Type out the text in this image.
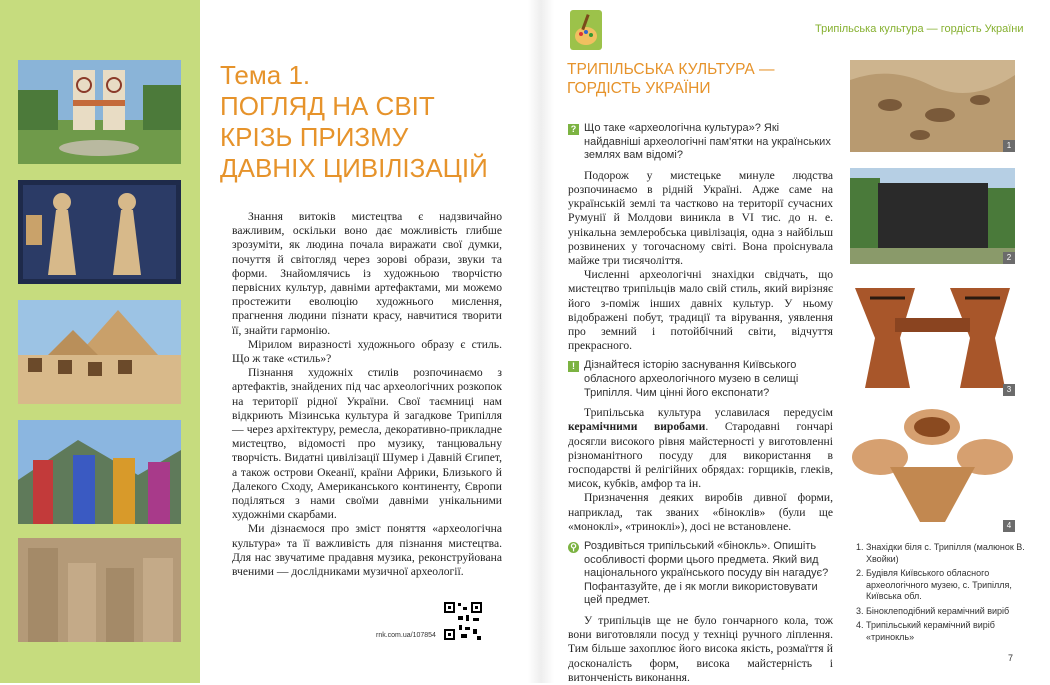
Тема 1.
ПОГЛЯД НА СВІТ
КРІЗЬ ПРИЗМУ
ДАВНІХ ЦИВІЛІЗАЦІЙ

Знання витоків мистецтва є надзвичайно важливим, оскільки воно дає можливість глибше зрозуміти, як людина почала виражати свої думки, почуття й світогляд через зорові образи, звуки та форми. Знайомлячись із художньою творчістю первісних культур, давніми артефактами, ми можемо простежити еволюцію художнього мислення, прагнення людини пізнати красу, навчитися творити її, знайти гармонію.

Мірилом виразності художнього образу є стиль. Що ж таке «стиль»?

Пізнання художніх стилів розпочинаємо з артефактів, знайдених під час археологічних розкопок на території рідної України. Свої таємниці нам відкриють Мізинська культура й загадкове Трипілля — через архітектуру, ремесла, декоративно-прикладне мистецтво, відомості про музику, танцювальну творчість. Видатні цивілізації Шумер і Давній Єгипет, а також острови Океанії, країни Африки, Близького й Далекого Сходу, Американського континенту, Європи поділяться з нами своїми давніми унікальними художніми скарбами.

Ми дізнаємося про зміст поняття «археологічна культура» та її важливість для пізнання мистецтва. Для нас звучатиме прадавня музика, реконструйована вченими — дослідниками музичної археології.

rnk.com.ua/107854
Трипільська культура — гордість України
ТРИПІЛЬСЬКА КУЛЬТУРА —
ГОРДІСТЬ УКРАЇНИ
? Що таке «археологічна культура»? Які найдавніші археологічні пам'ятки на українських землях вам відомі?

Подорож у мистецьке минуле людства розпочинаємо в рідній Україні. Адже саме на українській землі та частково на території сучасних Румунії й Молдови виникла в VI тис. до н. е. унікальна землеробська цивілізація, одна з найбільш розвинених у тогочасному світі. Вона проіснувала майже три тисячоліття.

Численні археологічні знахідки свідчать, що мистецтво трипільців мало свій стиль, який вирізняє його з-поміж інших давніх культур. У ньому відображені побут, традиції та вірування, уявлення про земний і потойбічний світи, відчуття прекрасного.

! Дізнайтеся історію заснування Київського обласного археологічного музею в селищі Трипілля. Чим цінні його експонати?

Трипільська культура уславилася передусім керамічними виробами. Стародавні гончарі досягли високого рівня майстерності у виготовленні різноманітного посуду для використання в господарстві й релігійних обрядах: горщиків, глеків, мисок, кубків, амфор та ін.

Призначення деяких виробів дивної форми, наприклад, так званих «біноклів» (були ще «моноклі», «триноклі»), досі не встановлене.

⚲ Роздивіться трипільський «бінокль». Опишіть особливості форми цього предмета. Який вид національного українського посуду він нагадує? Пофантазуйте, де і як могли використовувати цей предмет.

У трипільців ще не було гончарного кола, тож вони виготовляли посуд у техніці ручного ліплення. Тим більше захоплює його висока якість, розмаїття й досконалість форм, висока майстерність і витонченість виконання.

1
2
3
4
1. Знахідки біля с. Трипілля (малюнок В. Хвойки)
2. Будівля Київського обласного археологічного музею, с. Трипілля, Київська обл.
3. Біноклеподібний керамічний виріб
4. Трипільський керамічний виріб «тринокль»
7
